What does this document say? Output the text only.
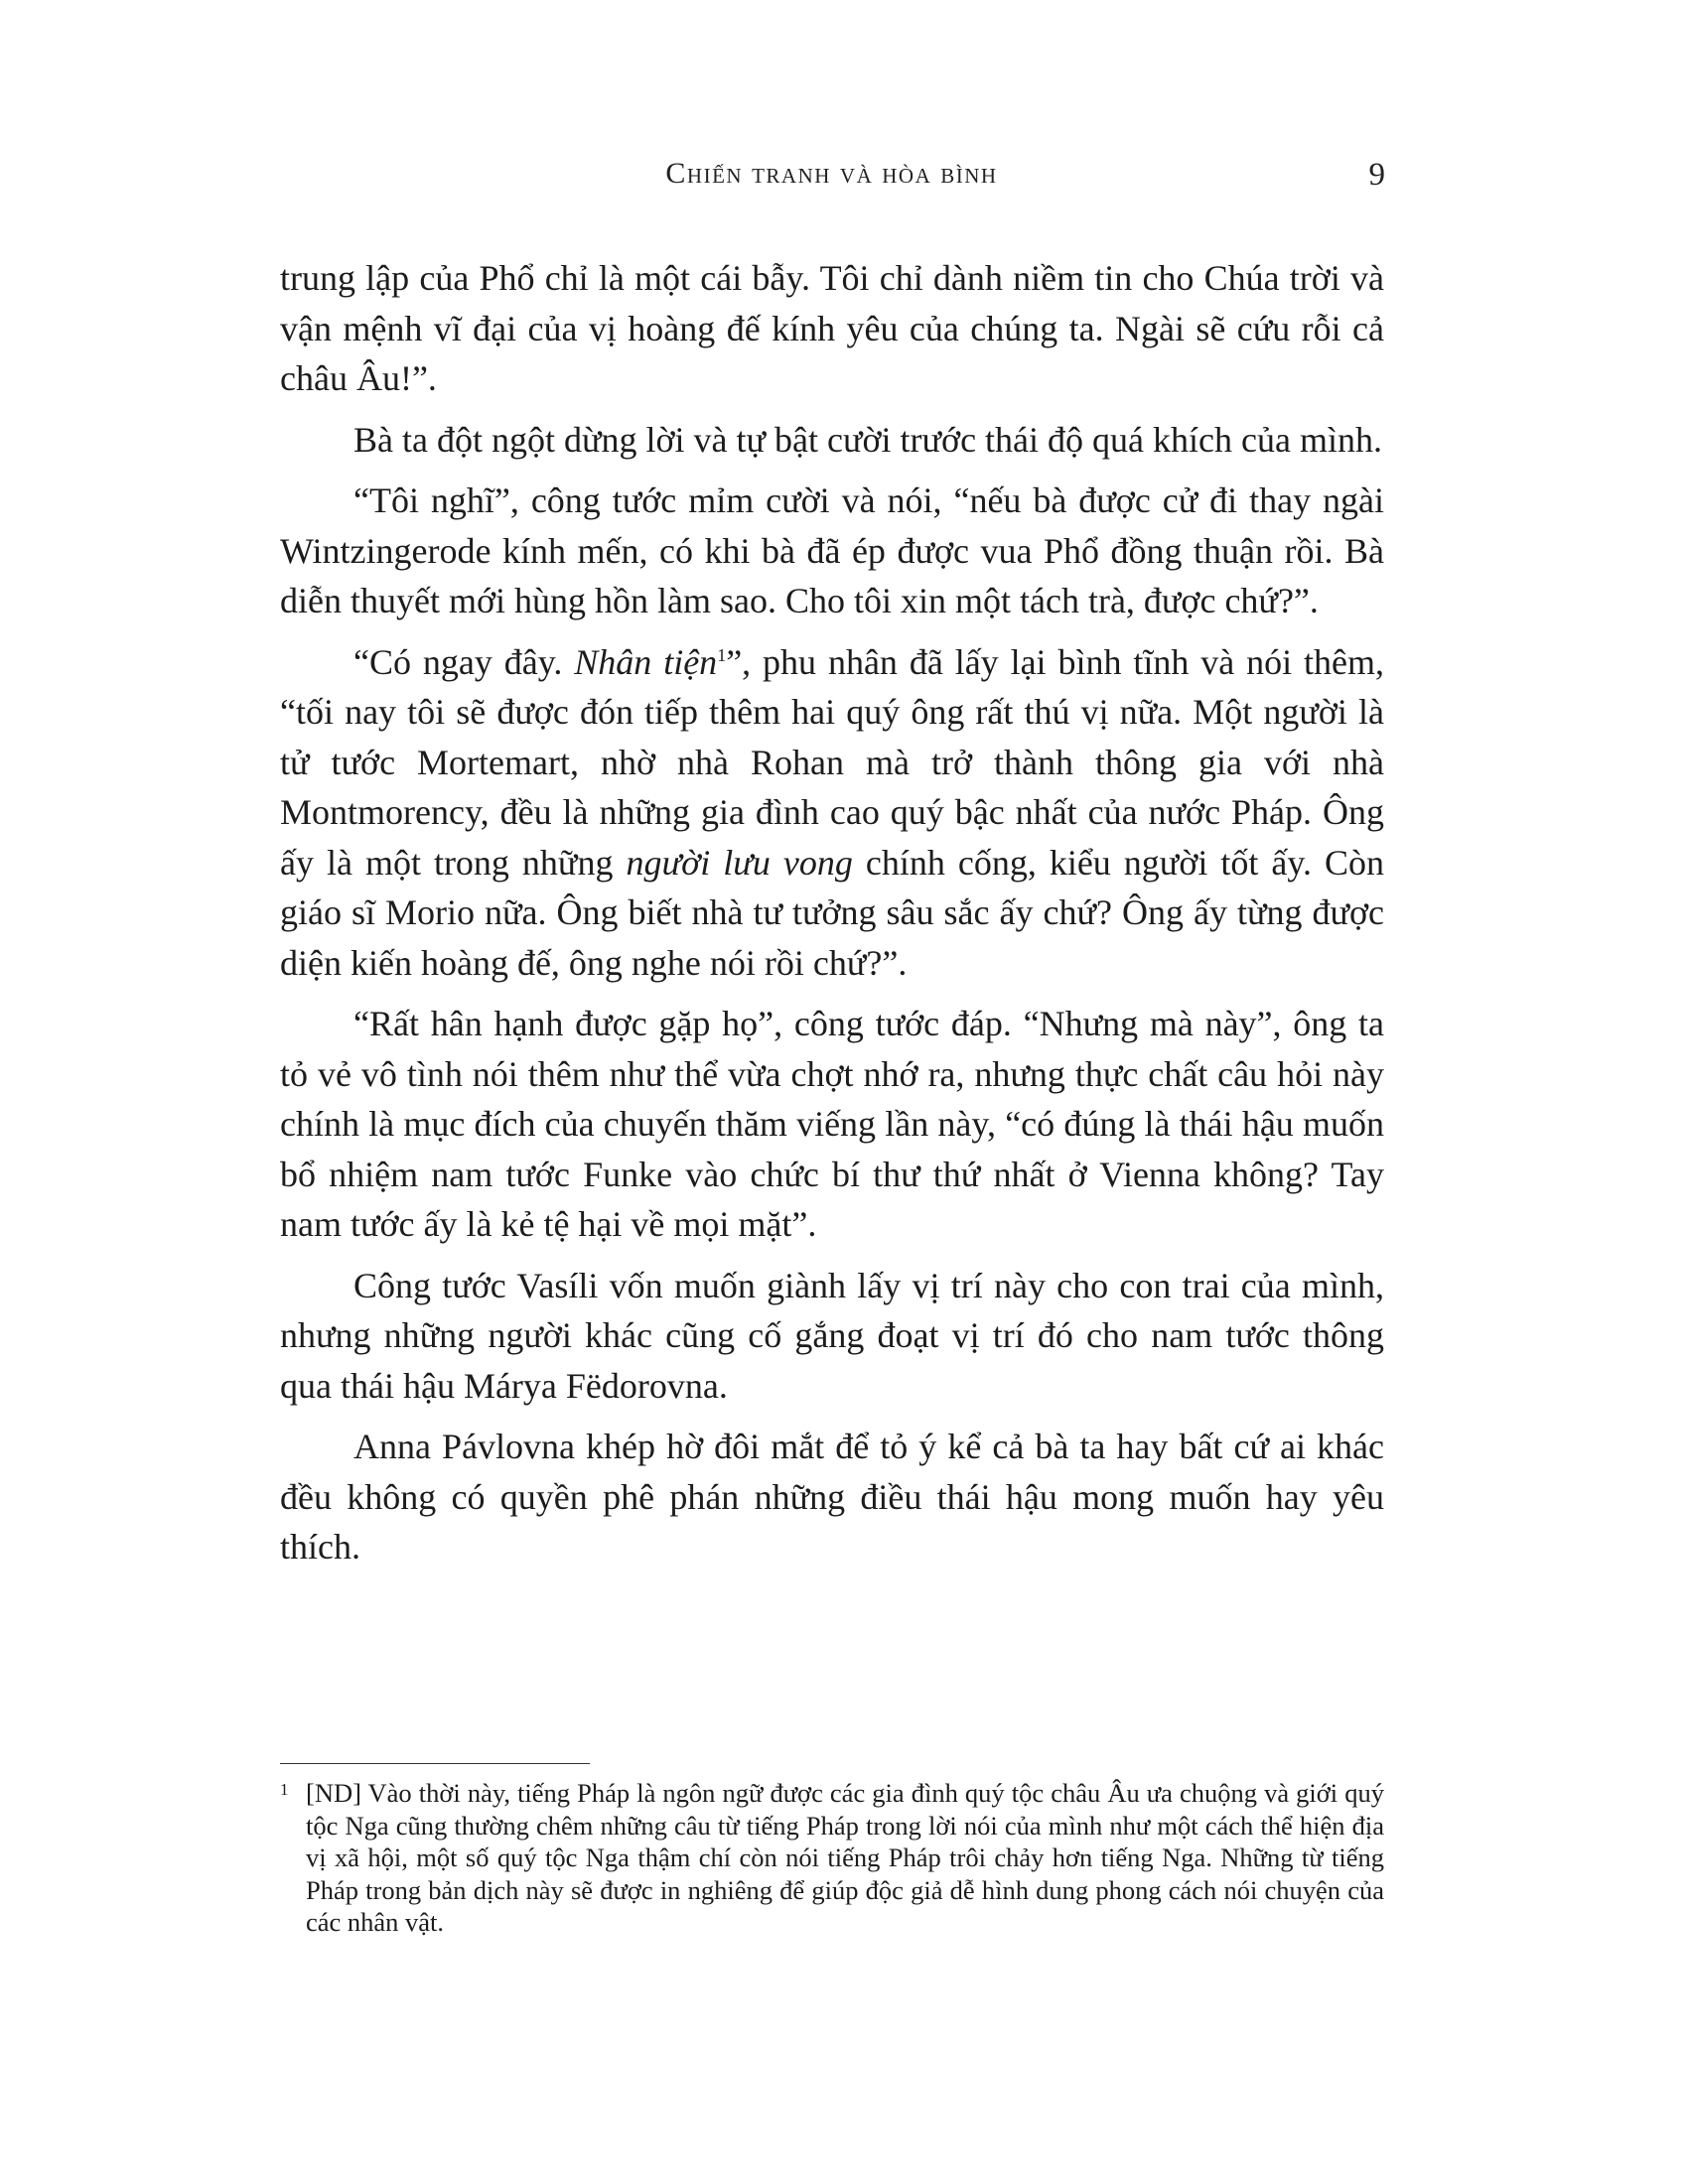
Chiến tranh và hòa bình	9

trung lập của Phổ chỉ là một cái bẫy. Tôi chỉ dành niềm tin cho Chúa trời và vận mệnh vĩ đại của vị hoàng đế kính yêu của chúng ta. Ngài sẽ cứu rỗi cả châu Âu!”.

Bà ta đột ngột dừng lời và tự bật cười trước thái độ quá khích của mình.

“Tôi nghĩ”, công tước mỉm cười và nói, “nếu bà được cử đi thay ngài Wintzingerode kính mến, có khi bà đã ép được vua Phổ đồng thuận rồi. Bà diễn thuyết mới hùng hồn làm sao. Cho tôi xin một tách trà, được chứ?”.

“Có ngay đây. Nhân tiện$^1$”, phu nhân đã lấy lại bình tĩnh và nói thêm, “tối nay tôi sẽ được đón tiếp thêm hai quý ông rất thú vị nữa. Một người là tử tước Mortemart, nhờ nhà Rohan mà trở thành thông gia với nhà Montmorency, đều là những gia đình cao quý bậc nhất của nước Pháp. Ông ấy là một trong những người lưu vong chính cống, kiểu người tốt ấy. Còn giáo sĩ Morio nữa. Ông biết nhà tư tưởng sâu sắc ấy chứ? Ông ấy từng được diện kiến hoàng đế, ông nghe nói rồi chứ?”.

“Rất hân hạnh được gặp họ”, công tước đáp. “Nhưng mà này”, ông ta tỏ vẻ vô tình nói thêm như thể vừa chợt nhớ ra, nhưng thực chất câu hỏi này chính là mục đích của chuyến thăm viếng lần này, “có đúng là thái hậu muốn bổ nhiệm nam tước Funke vào chức bí thư thứ nhất ở Vienna không? Tay nam tước ấy là kẻ tệ hại về mọi mặt”.

Công tước Vasíli vốn muốn giành lấy vị trí này cho con trai của mình, nhưng những người khác cũng cố gắng đoạt vị trí đó cho nam tước thông qua thái hậu Márya Fëdorovna.

Anna Pávlovna khép hờ đôi mắt để tỏ ý kể cả bà ta hay bất cứ ai khác đều không có quyền phê phán những điều thái hậu mong muốn hay yêu thích.

1 [ND] Vào thời này, tiếng Pháp là ngôn ngữ được các gia đình quý tộc châu Âu ưa chuộng và giới quý tộc Nga cũng thường chêm những câu từ tiếng Pháp trong lời nói của mình như một cách thể hiện địa vị xã hội, một số quý tộc Nga thậm chí còn nói tiếng Pháp trôi chảy hơn tiếng Nga. Những từ tiếng Pháp trong bản dịch này sẽ được in nghiêng để giúp độc giả dễ hình dung phong cách nói chuyện của các nhân vật.
